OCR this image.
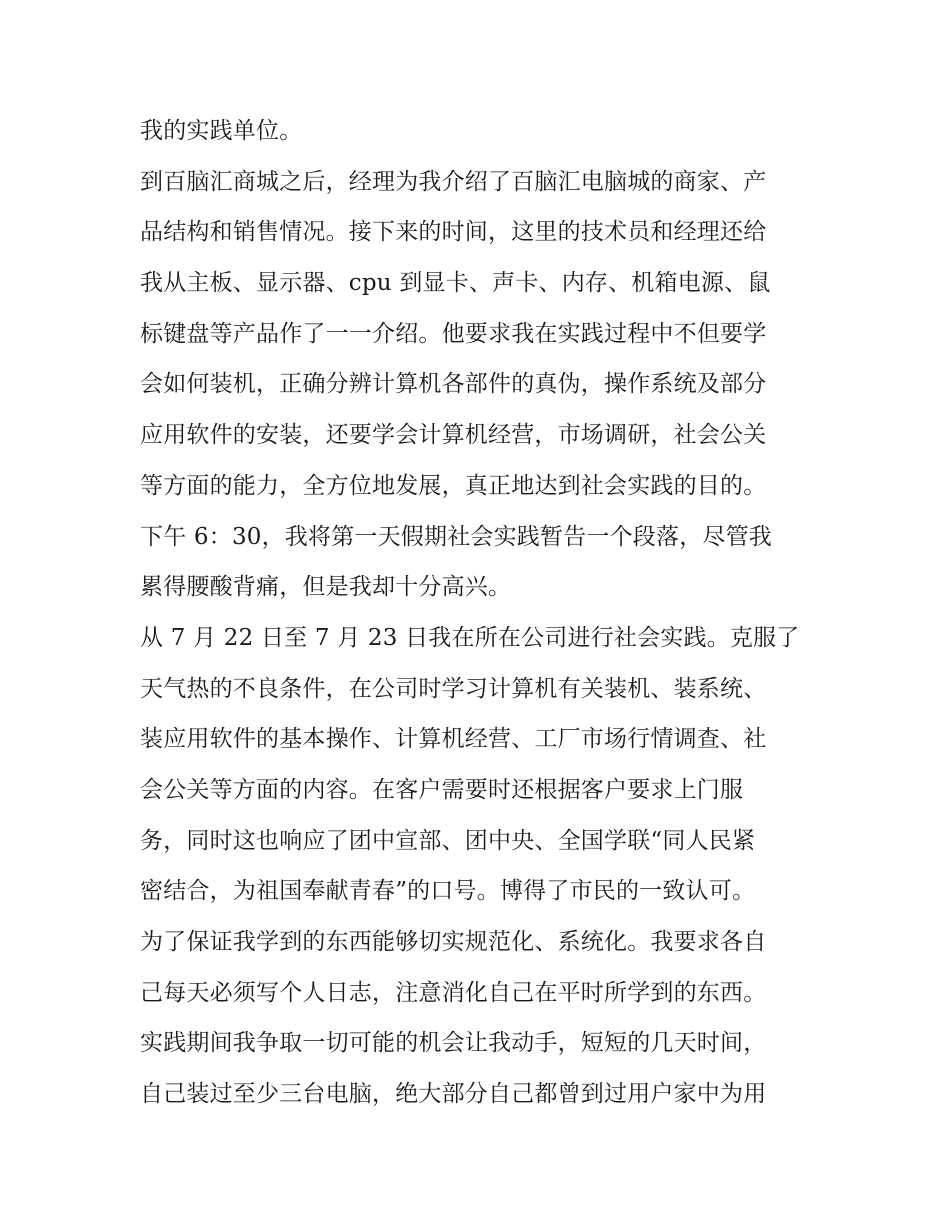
我的实践单位。
到百脑汇商城之后，经理为我介绍了百脑汇电脑城的商家、产
品结构和销售情况。接下来的时间，这里的技术员和经理还给
我从主板、显示器、cpu 到显卡、声卡、内存、机箱电源、鼠
标键盘等产品作了一一介绍。他要求我在实践过程中不但要学
会如何装机，正确分辨计算机各部件的真伪，操作系统及部分
应用软件的安装，还要学会计算机经营，市场调研，社会公关
等方面的能力，全方位地发展，真正地达到社会实践的目的。
下午 6：30，我将第一天假期社会实践暂告一个段落，尽管我
累得腰酸背痛，但是我却十分高兴。
从 7 月 22 日至 7 月 23 日我在所在公司进行社会实践。克服了
天气热的不良条件，在公司时学习计算机有关装机、装系统、
装应用软件的基本操作、计算机经营、工厂市场行情调查、社
会公关等方面的内容。在客户需要时还根据客户要求上门服
务，同时这也响应了团中宣部、团中央、全国学联“同人民紧
密结合，为祖国奉献青春”的口号。博得了市民的一致认可。
为了保证我学到的东西能够切实规范化、系统化。我要求各自
己每天必须写个人日志，注意消化自己在平时所学到的东西。
实践期间我争取一切可能的机会让我动手，短短的几天时间，
自己装过至少三台电脑，绝大部分自己都曾到过用户家中为用
